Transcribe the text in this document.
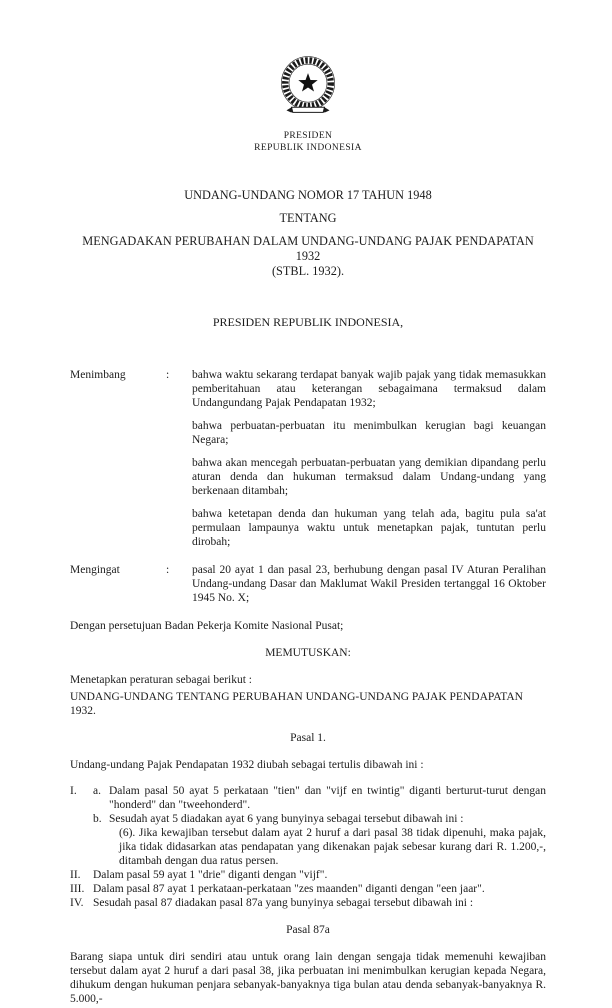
PRESIDEN
REPUBLIK INDONESIA
UNDANG-UNDANG NOMOR 17 TAHUN 1948
TENTANG
MENGADAKAN PERUBAHAN DALAM UNDANG-UNDANG PAJAK PENDAPATAN 1932
(STBL. 1932).
PRESIDEN REPUBLIK INDONESIA,
Menimbang	:	bahwa waktu sekarang terdapat banyak wajib pajak yang tidak memasukkan pemberitahuan atau keterangan sebagaimana termaksud dalam Undangundang Pajak Pendapatan 1932;

bahwa perbuatan-perbuatan itu menimbulkan kerugian bagi keuangan Negara;

bahwa akan mencegah perbuatan-perbuatan yang demikian dipandang perlu aturan denda dan hukuman termaksud dalam Undang-undang yang berkenaan ditambah;

bahwa ketetapan denda dan hukuman yang telah ada, bagitu pula sa'at permulaan lampaunya waktu untuk menetapkan pajak, tuntutan perlu dirobah;

Mengingat	:	pasal 20 ayat 1 dan pasal 23, berhubung dengan pasal IV Aturan Peralihan Undang-undang Dasar dan Maklumat Wakil Presiden tertanggal 16 Oktober 1945 No. X;

Dengan persetujuan Badan Pekerja Komite Nasional Pusat;
MEMUTUSKAN:
Menetapkan peraturan sebagai berikut :
UNDANG-UNDANG TENTANG PERUBAHAN UNDANG-UNDANG PAJAK PENDAPATAN 1932.
Pasal 1.
Undang-undang Pajak Pendapatan 1932 diubah sebagai tertulis dibawah ini :
I.	a. Dalam pasal 50 ayat 5 perkataan "tien" dan "vijf en twintig" diganti berturut-turut dengan "honderd" dan "tweehonderd".
b. Sesudah ayat 5 diadakan ayat 6 yang bunyinya sebagai tersebut dibawah ini :
(6). Jika kewajiban tersebut dalam ayat 2 huruf a dari pasal 38 tidak dipenuhi, maka pajak, jika tidak didasarkan atas pendapatan yang dikenakan pajak sebesar kurang dari R. 1.200,-, ditambah dengan dua ratus persen.
II.	Dalam pasal 59 ayat 1 "drie" diganti dengan "vijf".
III. Dalam pasal 87 ayat 1 perkataan-perkataan "zes maanden" diganti dengan "een jaar".
IV. Sesudah pasal 87 diadakan pasal 87a yang bunyinya sebagai tersebut dibawah ini :
Pasal 87a
Barang siapa untuk diri sendiri atau untuk orang lain dengan sengaja tidak memenuhi kewajiban tersebut dalam ayat 2 huruf a dari pasal 38, jika perbuatan ini menimbulkan kerugian kepada Negara, dihukum dengan hukuman penjara sebanyak-banyaknya tiga bulan atau denda sebanyak-banyaknya R. 5.000,-
